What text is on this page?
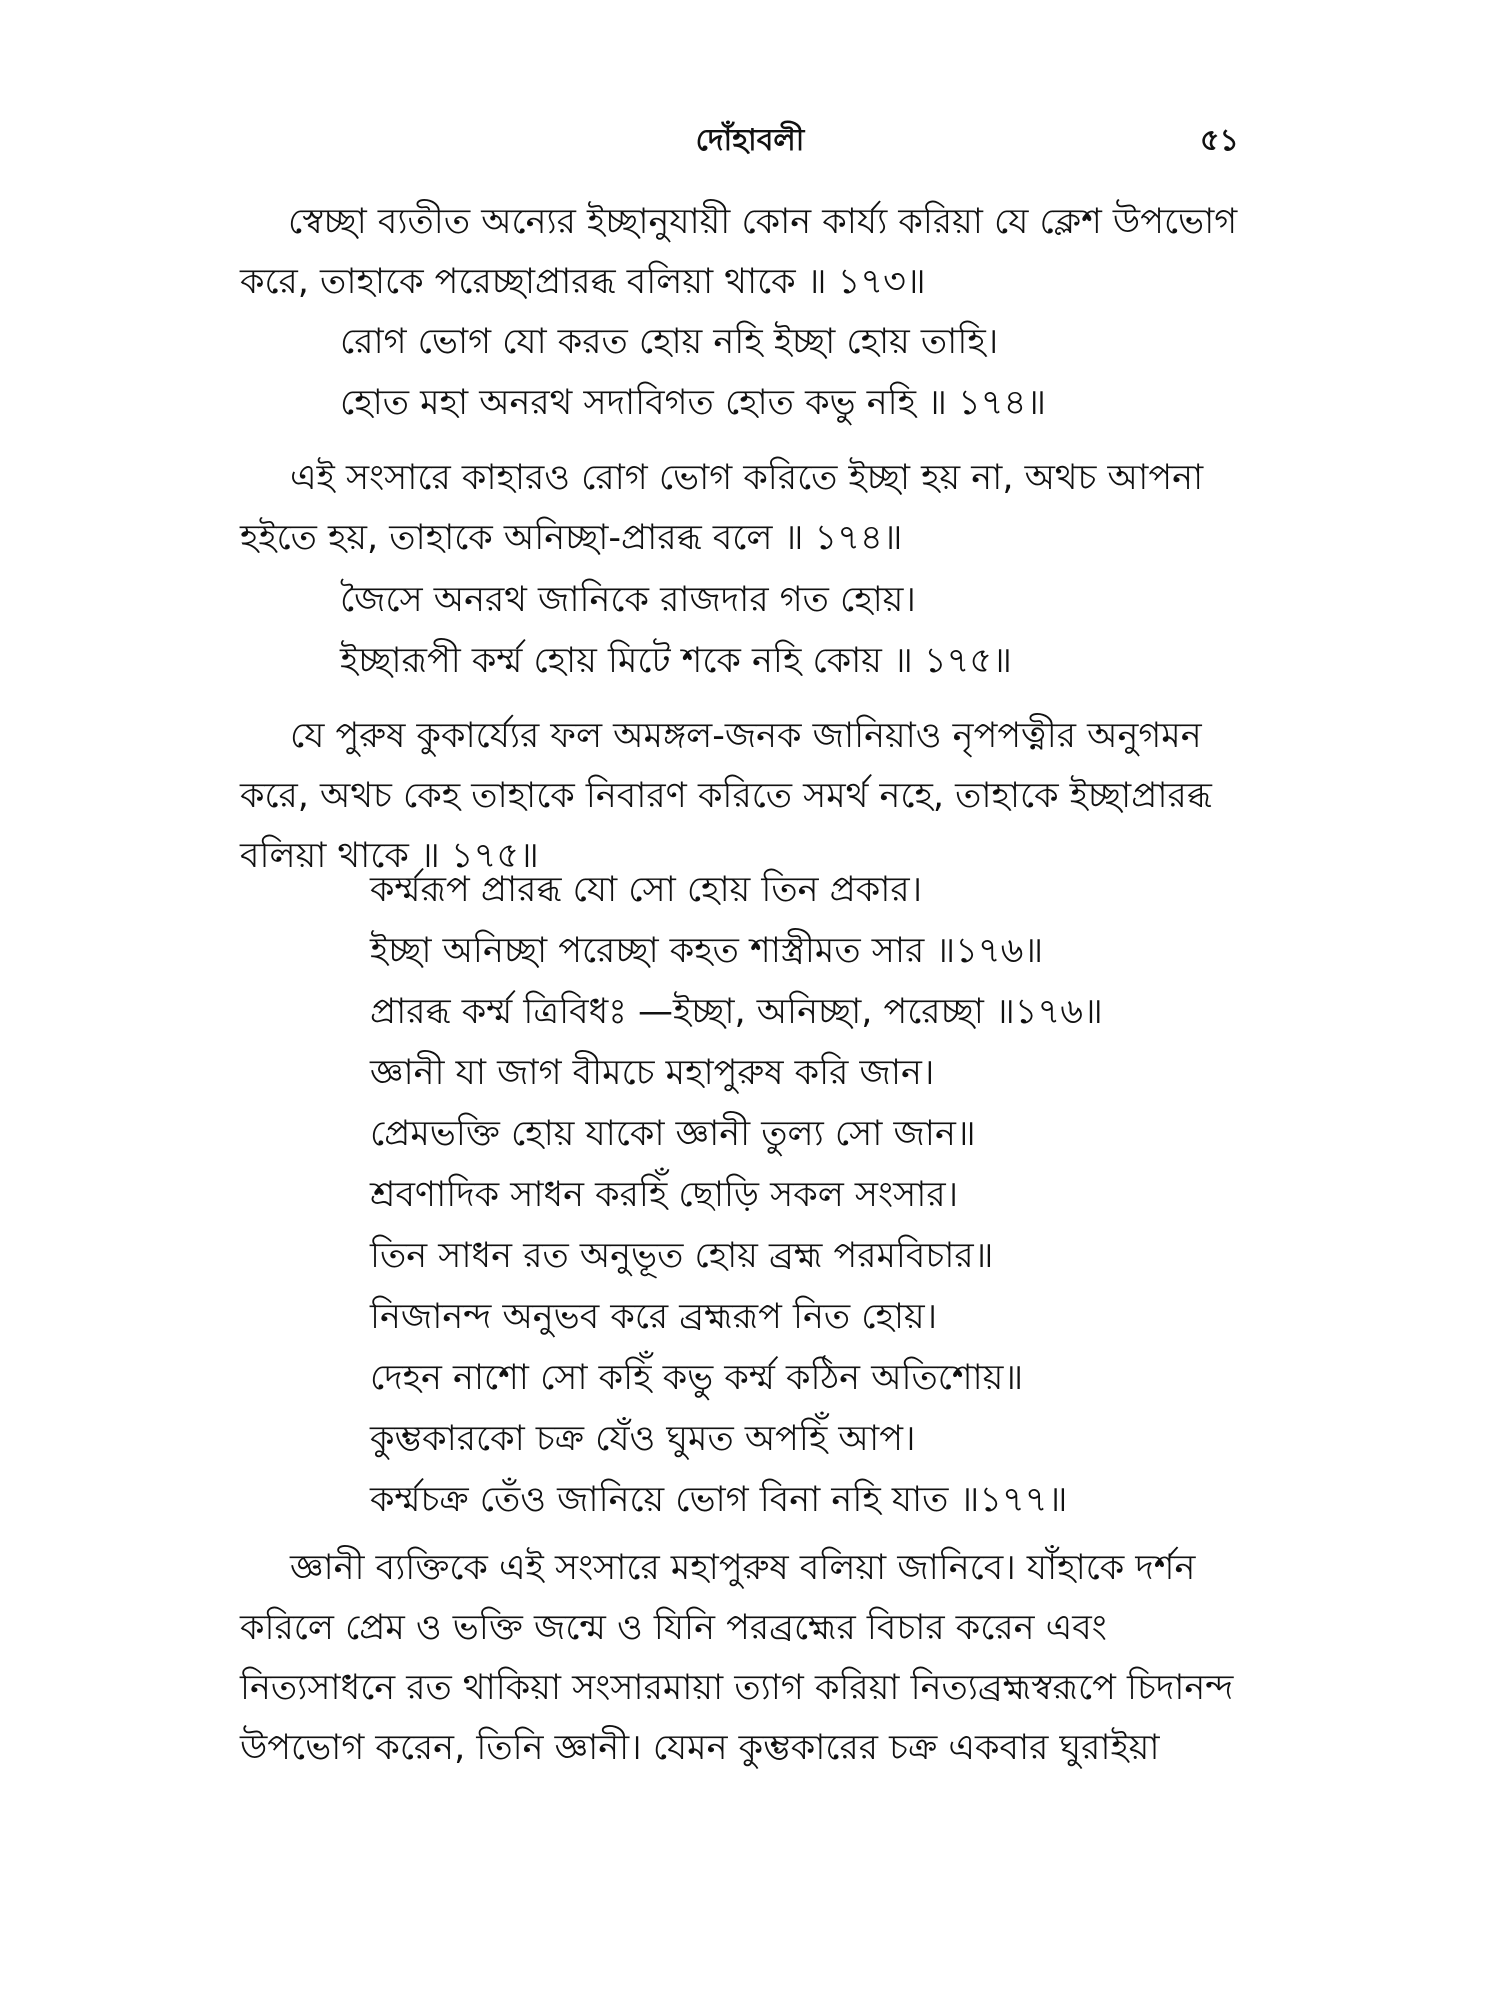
দোঁহাবলী	৫১
স্বেচ্ছা ব্যতীত অন্যের ইচ্ছানুযায়ী কোন কার্য্য করিয়া যে ক্লেশ উপভোগ
করে, তাহাকে পরেচ্ছাপ্রারব্ধ বলিয়া থাকে ॥ ১৭৩॥
রোগ ভোগ যো করত হোয় নহি ইচ্ছা হোয় তাহি।
হোত মহা অনরথ সদাবিগত হোত কভু নহি ॥ ১৭৪॥
এই সংসারে কাহারও রোগ ভোগ করিতে ইচ্ছা হয় না, অথচ আপনা
হইতে হয়, তাহাকে অনিচ্ছা-প্রারব্ধ বলে ॥ ১৭৪॥
জৈসে অনরথ জানিকে রাজদার গত হোয়।
ইচ্ছারূপী কর্ম্ম হোয় মিটে শকে নহি কোয় ॥ ১৭৫॥
যে পুরুষ কুকার্য্যের ফল অমঙ্গল-জনক জানিয়াও নৃপপত্নীর অনুগমন
করে, অথচ কেহ তাহাকে নিবারণ করিতে সমর্থ নহে, তাহাকে ইচ্ছাপ্রারব্ধ
বলিয়া থাকে ॥ ১৭৫॥
কর্ম্মরূপ প্রারব্ধ যো সো হোয় তিন প্রকার।
ইচ্ছা অনিচ্ছা পরেচ্ছা কহত শাস্ত্রীমত সার ॥১৭৬॥
প্রারব্ধ কর্ম্ম ত্রিবিধঃ —ইচ্ছা, অনিচ্ছা, পরেচ্ছা ॥১৭৬॥
জ্ঞানী যা জাগ বীমচে মহাপুরুষ করি জান।
প্রেমভক্তি হোয় যাকো জ্ঞানী তুল্য সো জান॥
শ্রবণাদিক সাধন করহিঁ ছোড়ি সকল সংসার।
তিন সাধন রত অনুভূত হোয় ব্রহ্ম পরমবিচার॥
নিজানন্দ অনুভব করে ব্রহ্মরূপ নিত হোয়।
দেহন নাশো সো কহিঁ কভু কর্ম্ম কঠিন অতিশোয়॥
কুম্ভকারকো চক্র যেঁও ঘুমত অপহিঁ আপ।
কর্ম্মচক্র তেঁও জানিয়ে ভোগ বিনা নহি যাত ॥১৭৭॥
জ্ঞানী ব্যক্তিকে এই সংসারে মহাপুরুষ বলিয়া জানিবে। যাঁহাকে দর্শন
করিলে প্রেম ও ভক্তি জন্মে ও যিনি পরব্রহ্মের বিচার করেন এবং
নিত্যসাধনে রত থাকিয়া সংসারমায়া ত্যাগ করিয়া নিত্যব্রহ্মস্বরূপে চিদানন্দ
উপভোগ করেন, তিনি জ্ঞানী। যেমন কুম্ভকারের চক্র একবার ঘুরাইয়া
